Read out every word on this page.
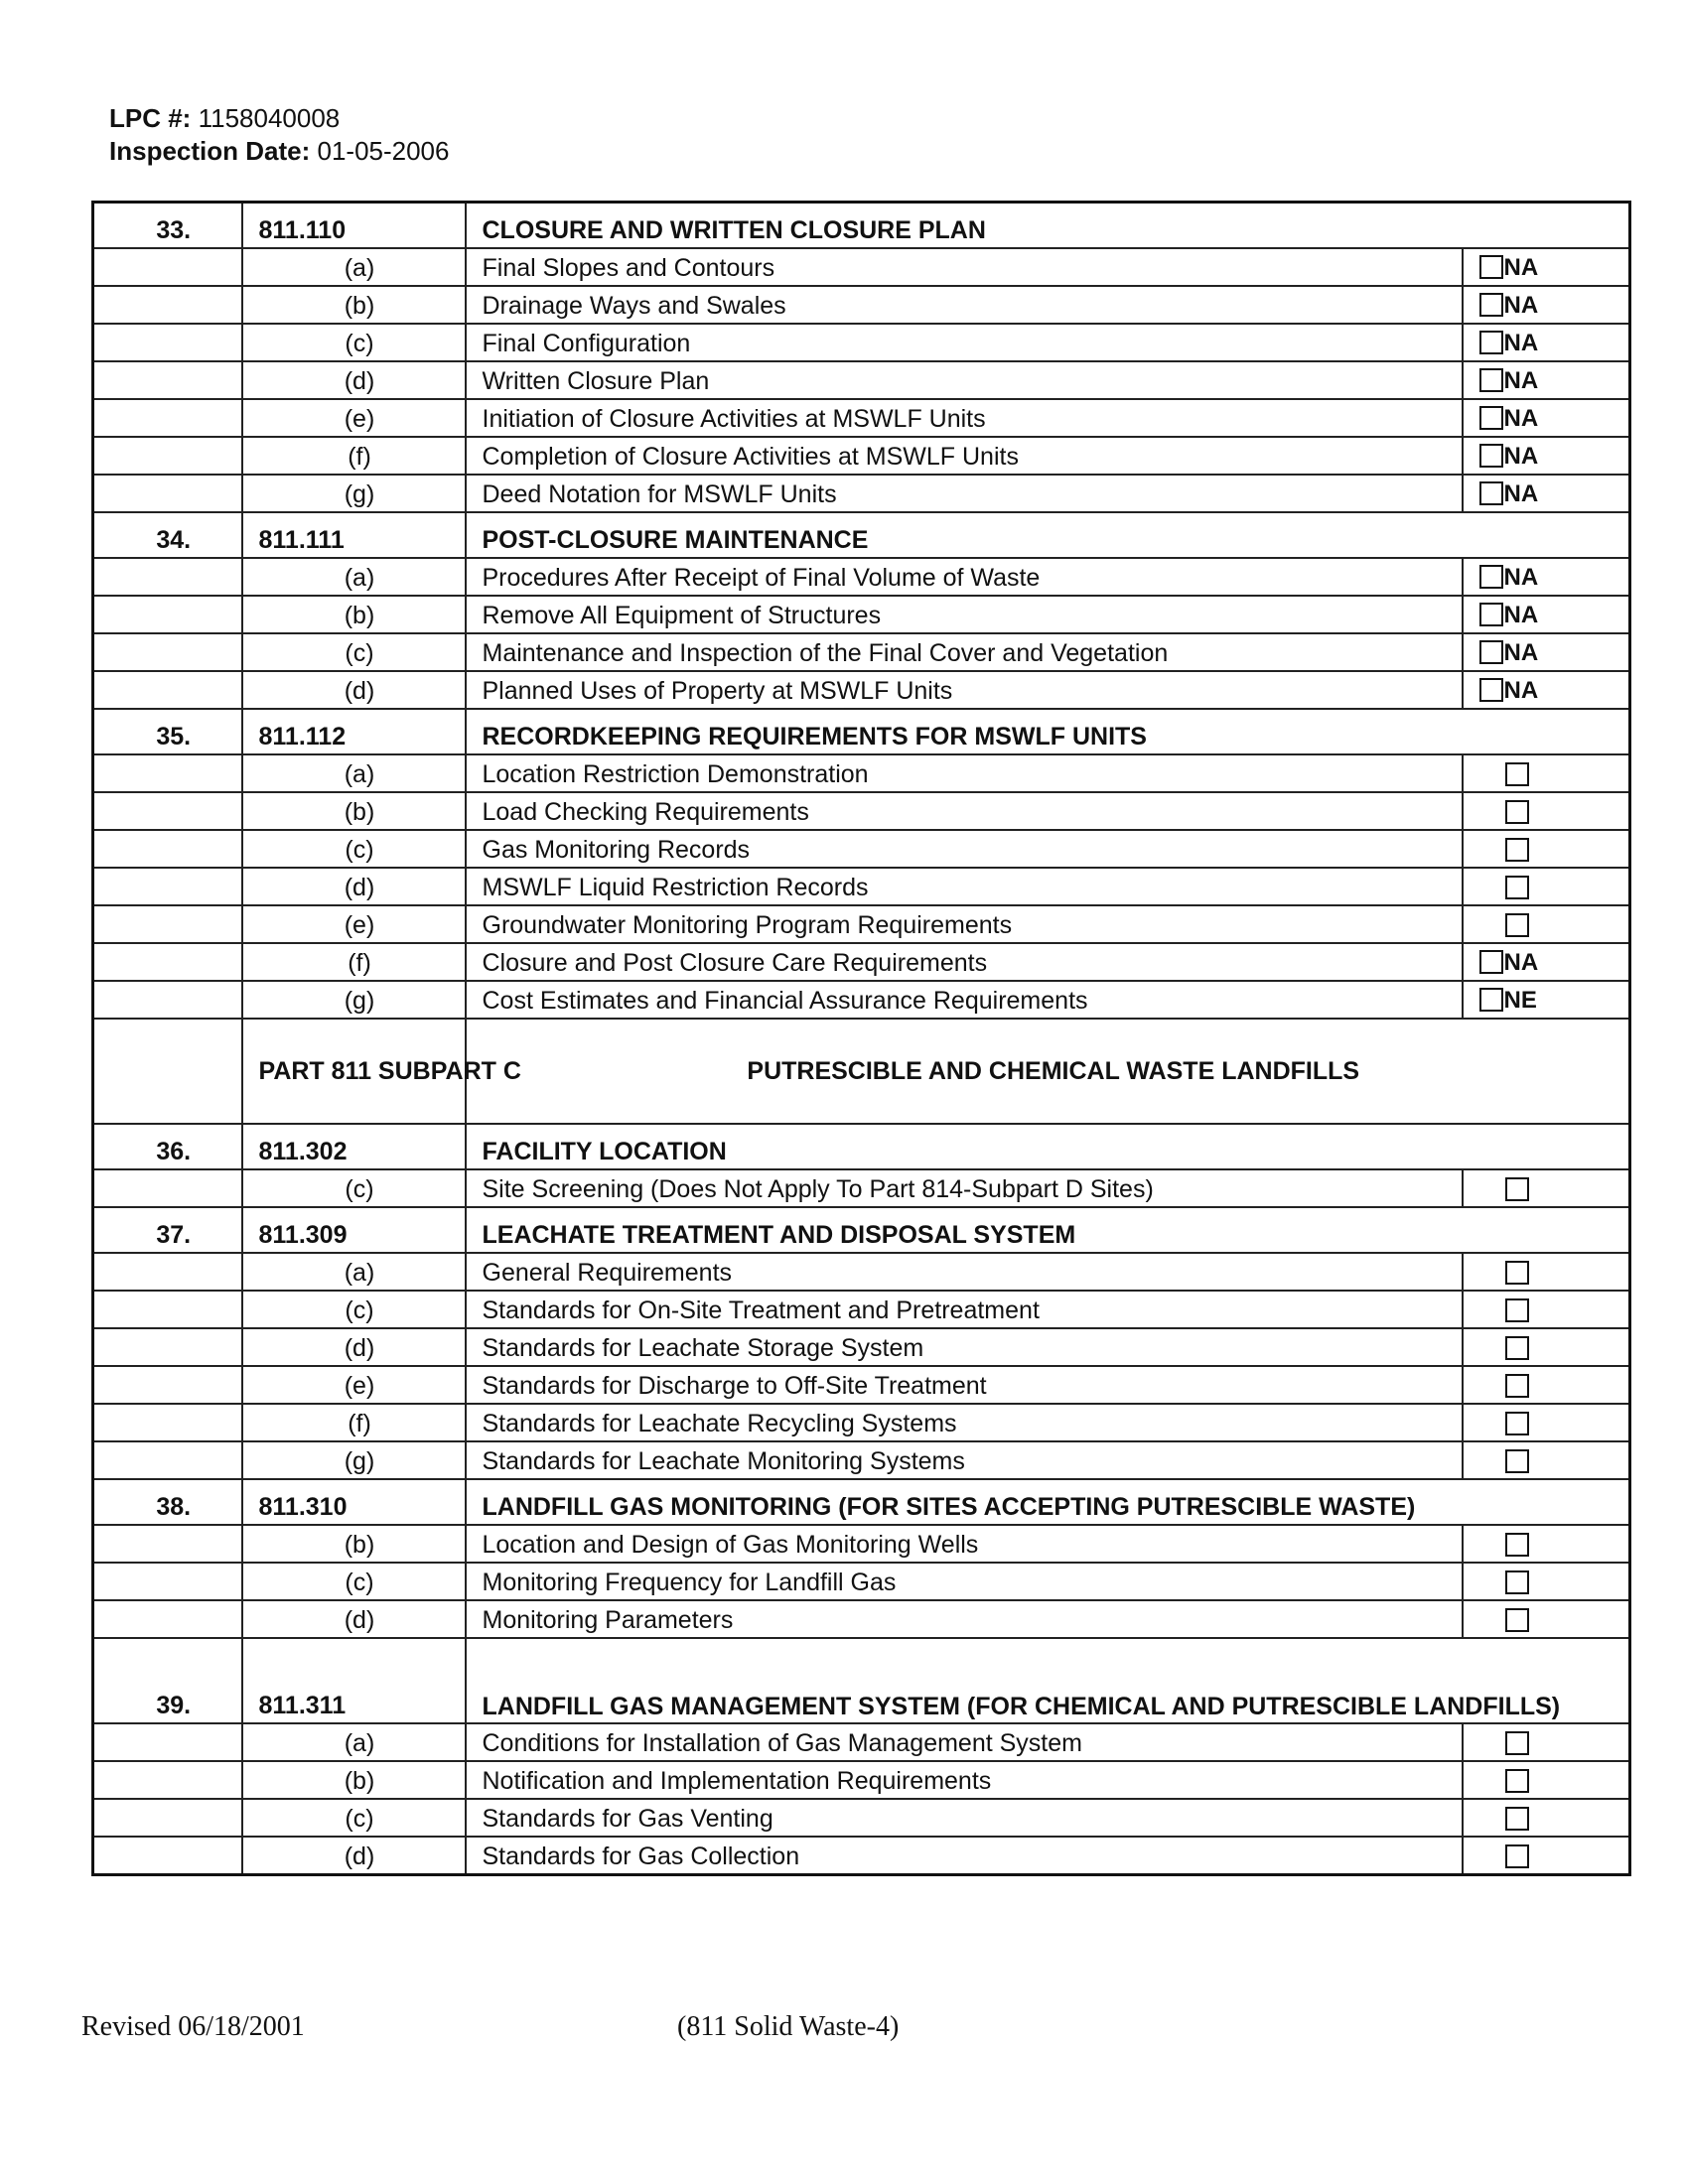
LPC #: 1158040008
Inspection Date: 01-05-2006
33.	811.110	CLOSURE AND WRITTEN CLOSURE PLAN	
	(a)	Final Slopes and Contours	NA
	(b)	Drainage Ways and Swales	NA
	(c)	Final Configuration	NA
	(d)	Written Closure Plan	NA
	(e)	Initiation of Closure Activities at MSWLF Units	NA
	(f)	Completion of Closure Activities at MSWLF Units	NA
	(g)	Deed Notation for MSWLF Units	NA
34.	811.111	POST-CLOSURE MAINTENANCE	
	(a)	Procedures After Receipt of Final Volume of Waste	NA
	(b)	Remove All Equipment of Structures	NA
	(c)	Maintenance and Inspection of the Final Cover and Vegetation	NA
	(d)	Planned Uses of Property at MSWLF Units	NA
35.	811.112	RECORDKEEPING REQUIREMENTS FOR MSWLF UNITS	
	(a)	Location Restriction Demonstration	
	(b)	Load Checking Requirements	
	(c)	Gas Monitoring Records	
	(d)	MSWLF Liquid Restriction Records	
	(e)	Groundwater Monitoring Program Requirements	
	(f)	Closure and Post Closure Care Requirements	NA
	(g)	Cost Estimates and Financial Assurance Requirements	NE
	PART 811 SUBPART C	PUTRESCIBLE AND CHEMICAL WASTE LANDFILLS	
36.	811.302	FACILITY LOCATION	
	(c)	Site Screening (Does Not Apply To Part 814-Subpart D Sites)	
37.	811.309	LEACHATE TREATMENT AND DISPOSAL SYSTEM	
	(a)	General Requirements	
	(c)	Standards for On-Site Treatment and Pretreatment	
	(d)	Standards for Leachate Storage System	
	(e)	Standards for Discharge to Off-Site Treatment	
	(f)	Standards for Leachate Recycling Systems	
	(g)	Standards for Leachate Monitoring Systems	
38.	811.310	LANDFILL GAS MONITORING (FOR SITES ACCEPTING PUTRESCIBLE WASTE)	
	(b)	Location and Design of Gas Monitoring Wells	
	(c)	Monitoring Frequency for Landfill Gas	
	(d)	Monitoring Parameters	
39.	811.311	LANDFILL GAS MANAGEMENT SYSTEM (FOR CHEMICAL AND PUTRESCIBLE LANDFILLS)	
	(a)	Conditions for Installation of Gas Management System	
	(b)	Notification and Implementation Requirements	
	(c)	Standards for Gas Venting	
	(d)	Standards for Gas Collection	
Revised 06/18/2001	(811 Solid Waste-4)
